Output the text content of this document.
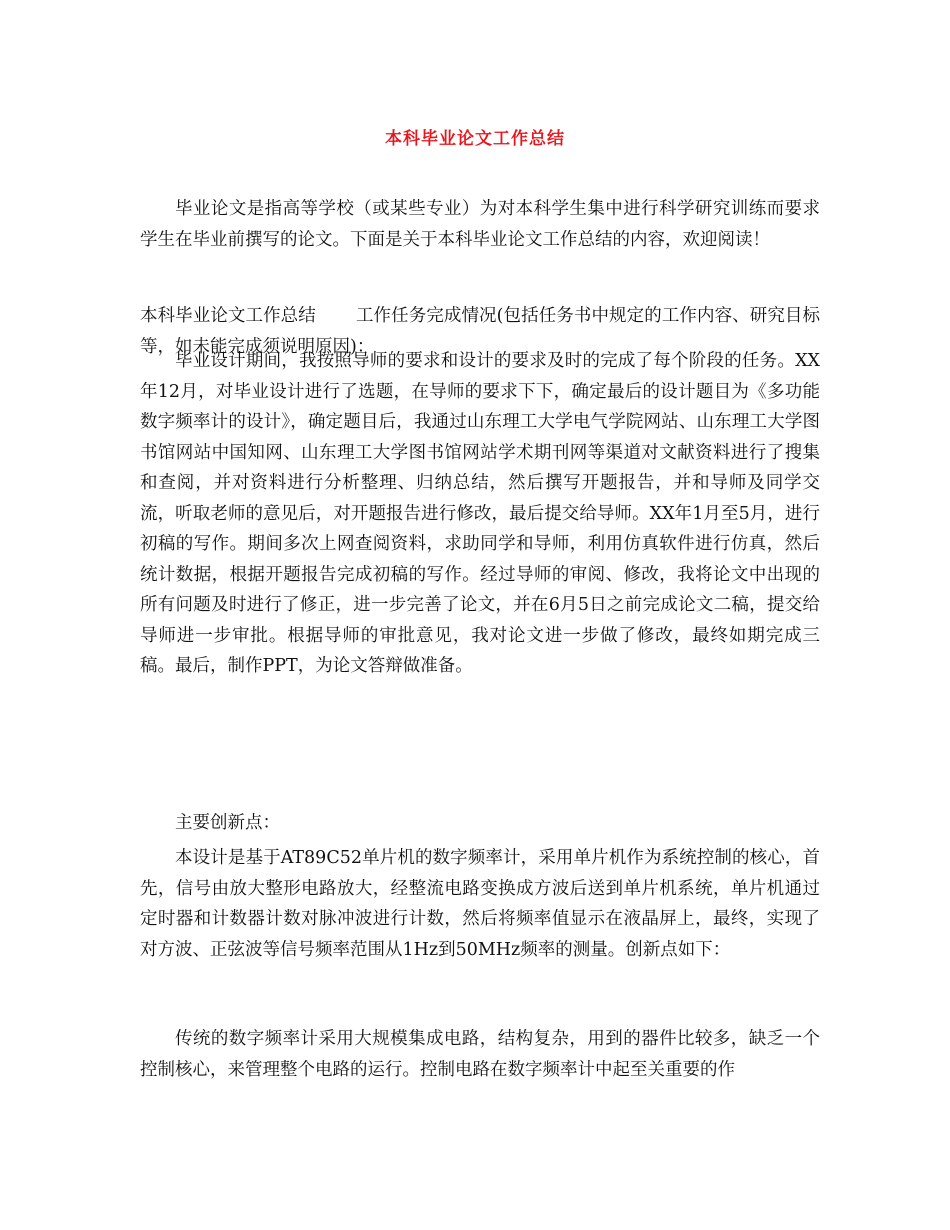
本科毕业论文工作总结
毕业论文是指高等学校（或某些专业）为对本科学生集中进行科学研究训练而要求学生在毕业前撰写的论文。下面是关于本科毕业论文工作总结的内容，欢迎阅读！
本科毕业论文工作总结 工作任务完成情况(包括任务书中规定的工作内容、研究目标等，如未能完成须说明原因)：
毕业设计期间，我按照导师的要求和设计的要求及时的完成了每个阶段的任务。XX年12月，对毕业设计进行了选题，在导师的要求下下，确定最后的设计题目为《多功能数字频率计的设计》，确定题目后，我通过山东理工大学电气学院网站、山东理工大学图书馆网站中国知网、山东理工大学图书馆网站学术期刊网等渠道对文献资料进行了搜集和查阅，并对资料进行分析整理、归纳总结，然后撰写开题报告，并和导师及同学交流，听取老师的意见后，对开题报告进行修改，最后提交给导师。XX年1月至5月，进行初稿的写作。期间多次上网查阅资料，求助同学和导师，利用仿真软件进行仿真，然后统计数据，根据开题报告完成初稿的写作。经过导师的审阅、修改，我将论文中出现的所有问题及时进行了修正，进一步完善了论文，并在6月5日之前完成论文二稿，提交给导师进一步审批。根据导师的审批意见，我对论文进一步做了修改，最终如期完成三稿。最后，制作PPT，为论文答辩做准备。
主要创新点：
本设计是基于AT89C52单片机的数字频率计，采用单片机作为系统控制的核心，首先，信号由放大整形电路放大，经整流电路变换成方波后送到单片机系统，单片机通过定时器和计数器计数对脉冲波进行计数，然后将频率值显示在液晶屏上，最终，实现了对方波、正弦波等信号频率范围从1Hz到50MHz频率的测量。创新点如下：
传统的数字频率计采用大规模集成电路，结构复杂，用到的器件比较多，缺乏一个控制核心，来管理整个电路的运行。控制电路在数字频率计中起至关重要的作
